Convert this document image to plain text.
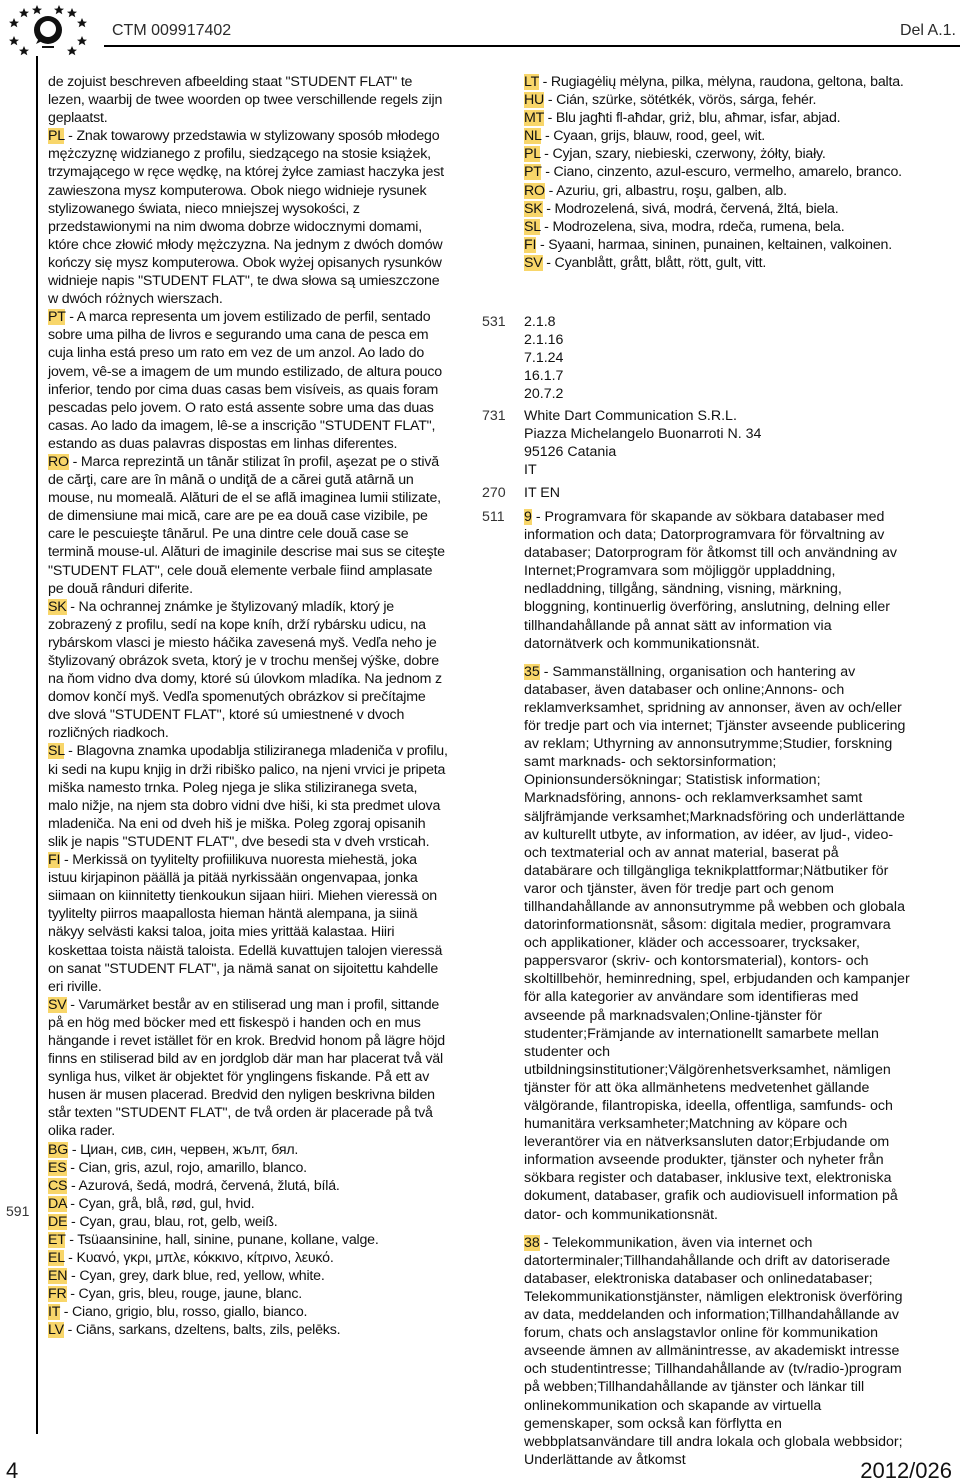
CTM 009917402	Del A.1.
591

de zojuist beschreven afbeelding staat "STUDENT FLAT" te lezen, waarbij de twee woorden op twee verschillende regels zijn geplaatst.

PL - Znak towarowy przedstawia w stylizowany sposób młodego mężczyznę widzianego z profilu, siedzącego na stosie książek, trzymającego w ręce wędkę, na której żyłce zamiast haczyka jest zawieszona mysz komputerowa. Obok niego widnieje rysunek stylizowanego świata, nieco mniejszej wysokości, z przedstawionymi na nim dwoma dobrze widocznymi domami, które chce złowić młody mężczyzna. Na jednym z dwóch domów kończy się mysz komputerowa. Obok wyżej opisanych rysunków widnieje napis "STUDENT FLAT", te dwa słowa są umieszczone w dwóch różnych wierszach.

PT - A marca representa um jovem estilizado de perfil, sentado sobre uma pilha de livros e segurando uma cana de pesca em cuja linha está preso um rato em vez de um anzol. Ao lado do jovem, vê-se a imagem de um mundo estilizado, de altura pouco inferior, tendo por cima duas casas bem visíveis, as quais foram pescadas pelo jovem. O rato está assente sobre uma das duas casas. Ao lado da imagem, lê-se a inscrição "STUDENT FLAT", estando as duas palavras dispostas em linhas diferentes.

RO - Marca reprezintă un tânăr stilizat în profil, aşezat pe o stivă de cărţi, care are în mână o undiţă de a cărei gută atârnă un mouse, nu momeală. Alături de el se află imaginea lumii stilizate, de dimensiune mai mică, care are pe ea două case vizibile, pe care le pescuieşte tânărul. Pe una dintre cele două case se termină mouse-ul. Alături de imaginile descrise mai sus se citeşte "STUDENT FLAT", cele două elemente verbale fiind amplasate pe două rânduri diferite.

SK - Na ochrannej známke je štylizovaný mladík, ktorý je zobrazený z profilu, sedí na kope kníh, drží rybársku udicu, na rybárskom vlasci je miesto háčika zavesená myš. Vedľa neho je štylizovaný obrázok sveta, ktorý je v trochu menšej výške, dobre na ňom vidno dva domy, ktoré sú úlovkom mladíka. Na jednom z domov končí myš. Vedľa spomenutých obrázkov si prečítajme dve slová "STUDENT FLAT", ktoré sú umiestnené v dvoch rozličných riadkoch.

SL - Blagovna znamka upodablja stiliziranega mladeniča v profilu, ki sedi na kupu knjig in drži ribiško palico, na njeni vrvici je pripeta miška namesto trnka. Poleg njega je slika stiliziranega sveta, malo nižje, na njem sta dobro vidni dve hiši, ki sta predmet ulova mladeniča. Na eni od dveh hiš je miška. Poleg zgoraj opisanih slik je napis "STUDENT FLAT", dve besedi sta v dveh vrsticah.

FI - Merkissä on tyylitelty profiilikuva nuoresta miehestä, joka istuu kirjapinon päällä ja pitää nyrkissään ongenvapaa, jonka siimaan on kiinnitetty tienkoukun sijaan hiiri. Miehen vieressä on tyylitelty piirros maapallosta hieman häntä alempana, ja siinä näkyy selvästi kaksi taloa, joita mies yrittää kalastaa. Hiiri koskettaa toista näistä taloista. Edellä kuvattujen talojen vieressä on sanat "STUDENT FLAT", ja nämä sanat on sijoitettu kahdelle eri riville.

SV - Varumärket består av en stiliserad ung man i profil, sittande på en hög med böcker med ett fiskespö i handen och en mus hängande i revet istället för en krok. Bredvid honom på lägre höjd finns en stiliserad bild av en jordglob där man har placerat två väl synliga hus, vilket är objektet för ynglingens fiskande. På ett av husen är musen placerad. Bredvid den nyligen beskrivna bilden står texten "STUDENT FLAT", de två orden är placerade på två olika rader.

BG - Циан, сив, син, червен, жълт, бял.
ES - Cian, gris, azul, rojo, amarillo, blanco.
CS - Azurová, šedá, modrá, červená, žlutá, bílá.
DA - Cyan, grå, blå, rød, gul, hvid.
DE - Cyan, grau, blau, rot, gelb, weiß.
ET - Tsüaansinine, hall, sinine, punane, kollane, valge.
EL - Κυανό, γκρι, μπλε, κόκκινο, κίτρινο, λευκό.
EN - Cyan, grey, dark blue, red, yellow, white.
FR - Cyan, gris, bleu, rouge, jaune, blanc.
IT - Ciano, grigio, blu, rosso, giallo, bianco.
LV - Ciāns, sarkans, dzeltens, balts, zils, pelēks.
LT - Rugiagėlių mėlyna, pilka, mėlyna, raudona, geltona, balta.
HU - Cián, szürke, sötétkék, vörös, sárga, fehér.
MT - Blu jagħti fl-aħdar, griż, blu, aħmar, isfar, abjad.
NL - Cyaan, grijs, blauw, rood, geel, wit.
PL - Cyjan, szary, niebieski, czerwony, żółty, biały.
PT - Ciano, cinzento, azul-escuro, vermelho, amarelo, branco.
RO - Azuriu, gri, albastru, roşu, galben, alb.
SK - Modrozelená, sivá, modrá, červená, žltá, biela.
SL - Modrozelena, siva, modra, rdeča, rumena, bela.
FI - Syaani, harmaa, sininen, punainen, keltainen, valkoinen.
SV - Cyanblått, grått, blått, rött, gult, vitt.
531 2.1.8
2.1.16
7.1.24
16.1.7
20.7.2
731 White Dart Communication S.R.L.
Piazza Michelangelo Buonarroti N. 34
95126 Catania
IT
270 IT EN
511 9 - Programvara för skapande av sökbara databaser med information och data; Datorprogramvara för förvaltning av databaser; Datorprogram för åtkomst till och användning av Internet;Programvara som möjliggör uppladdning, nedladdning, tillgång, sändning, visning, märkning, bloggning, kontinuerlig överföring, anslutning, delning eller tillhandahållande på annat sätt av information via datornätverk och kommunikationsnät.

35 - Sammanställning, organisation och hantering av databaser, även databaser och online;Annons- och reklamverksamhet, spridning av annonser, även av och/eller för tredje part och via internet; Tjänster avseende publicering av reklam; Uthyrning av annonsutrymme;Studier, forskning samt marknads- och sektorsinformation; Opinionsundersökningar; Statistisk information; Marknadsföring, annons- och reklamverksamhet samt säljfrämjande verksamhet;Marknadsföring och underlättande av kulturellt utbyte, av information, av idéer, av ljud-, video- och textmaterial och av annat material, baserat på databärare och tillgängliga teknikplattformar;Nätbutiker för varor och tjänster, även för tredje part och genom tillhandahållande av annonsutrymme på webben och globala datorinformationsnät, såsom: digitala medier, programvara och applikationer, kläder och accessoarer, trycksaker, pappersvaror (skriv- och kontorsmaterial), kontors- och skoltillbehör, heminredning, spel, erbjudanden och kampanjer för alla kategorier av användare som identifieras med avseende på marknadsvalen;Online-tjänster för studenter;Främjande av internationellt samarbete mellan studenter och utbildningsinstitutioner;Välgörenhetsverksamhet, nämligen tjänster för att öka allmänhetens medvetenhet gällande välgörande, filantropiska, ideella, offentliga, samfunds- och humanitära verksamheter;Matchning av köpare och leverantörer via en nätverksansluten dator;Erbjudande om information avseende produkter, tjänster och nyheter från sökbara register och databaser, inklusive text, elektroniska dokument, databaser, grafik och audiovisuell information på dator- och kommunikationsnät.

38 - Telekommunikation, även via internet och datorterminaler;Tillhandahållande och drift av datoriserade databaser, elektroniska databaser och onlinedatabaser; Telekommunikationstjänster, nämligen elektronisk överföring av data, meddelanden och information;Tillhandahållande av forum, chats och anslagstavlor online för kommunikation avseende ämnen av allmänintresse, av akademiskt intresse och studentintresse; Tillhandahållande av (tv/radio-)program på webben;Tillhandahållande av tjänster och länkar till onlinekommunikation och skapande av virtuella gemenskaper, som också kan förflytta en webbplatsanvändare till andra lokala och globala webbsidor; Underlättande av åtkomst

4	2012/026
